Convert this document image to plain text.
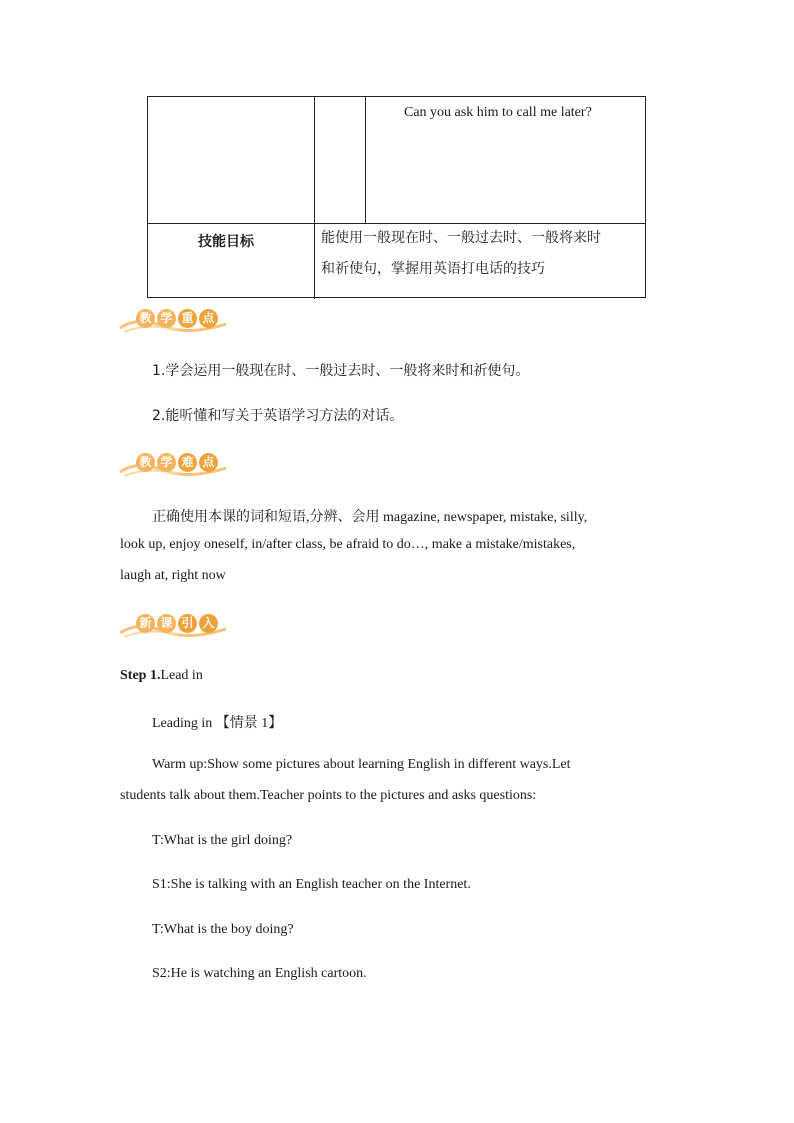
Can you ask him to call me later?
技能目标	能使用一般现在时、一般过去时、一般将来时
和祈使句，掌握用英语打电话的技巧
教 学 重 点
1.学会运用一般现在时、一般过去时、一般将来时和祈使句。
2.能听懂和写关于英语学习方法的对话。
教 学 难 点
正确使用本课的词和短语,分辨、会用 magazine, newspaper, mistake, silly,
look up, enjoy oneself, in/after class, be afraid to do…, make a mistake/mistakes,
laugh at, right now
新 课 引 入
Step 1.Lead in
Leading in 【情景 1】
Warm up:Show some pictures about learning English in different ways.Let
students talk about them.Teacher points to the pictures and asks questions:
T:What is the girl doing?
S1:She is talking with an English teacher on the Internet.
T:What is the boy doing?
S2:He is watching an English cartoon.
